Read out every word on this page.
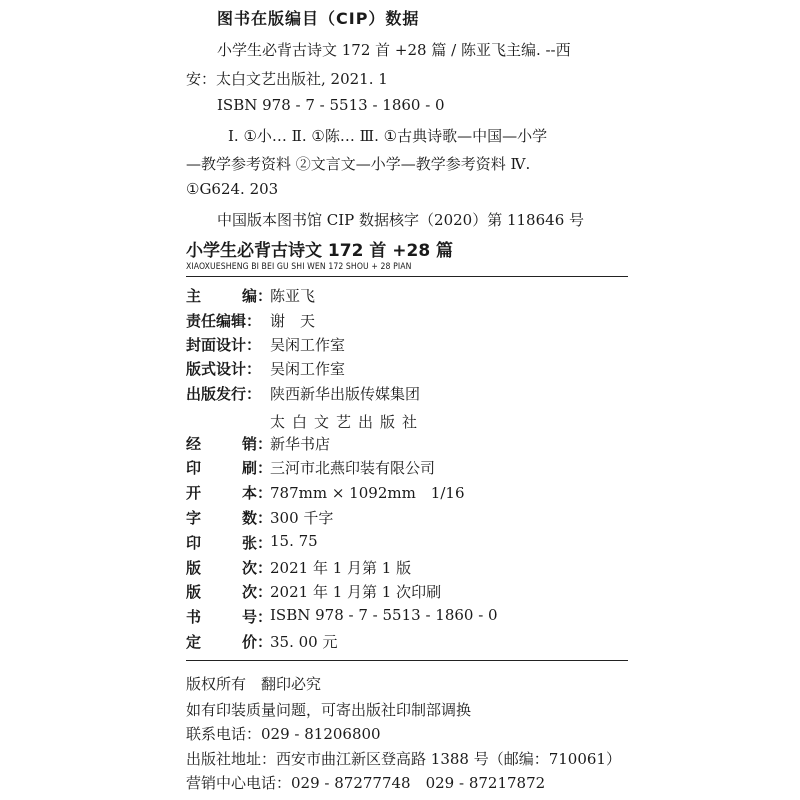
图书在版编目（CIP）数据
小学生必背古诗文 172 首 +28 篇 / 陈亚飞主编. --西
安：太白文艺出版社, 2021. 1
ISBN 978 - 7 - 5513 - 1860 - 0
Ⅰ. ①小… Ⅱ. ①陈… Ⅲ. ①古典诗歌—中国—小学
—教学参考资料 ②文言文—小学—教学参考资料 Ⅳ.
①G624. 203
中国版本图书馆 CIP 数据核字（2020）第 118646 号
小学生必背古诗文 172 首 +28 篇
XIAOXUESHENG BI BEI GU SHI WEN 172 SHOU + 28 PIAN
主	编：
陈亚飞
责任编辑： 谢　天
封面设计： 吴闲工作室
版式设计： 吴闲工作室
出版发行： 陕西新华出版传媒集团
太白文艺出版社
经	销：
新华书店
印	刷：
三河市北燕印装有限公司
开	本：
787mm × 1092mm　1/16
字	数：
300 千字
印	张：
15. 75
版	次：
2021 年 1 月第 1 版
版	次：
2021 年 1 月第 1 次印刷
书	号：
ISBN 978 - 7 - 5513 - 1860 - 0
定	价：
35. 00 元
版权所有　翻印必究
如有印装质量问题，可寄出版社印制部调换
联系电话：029 - 81206800
出版社地址：西安市曲江新区登高路 1388 号（邮编：710061）
营销中心电话：029 - 87277748　029 - 87217872
